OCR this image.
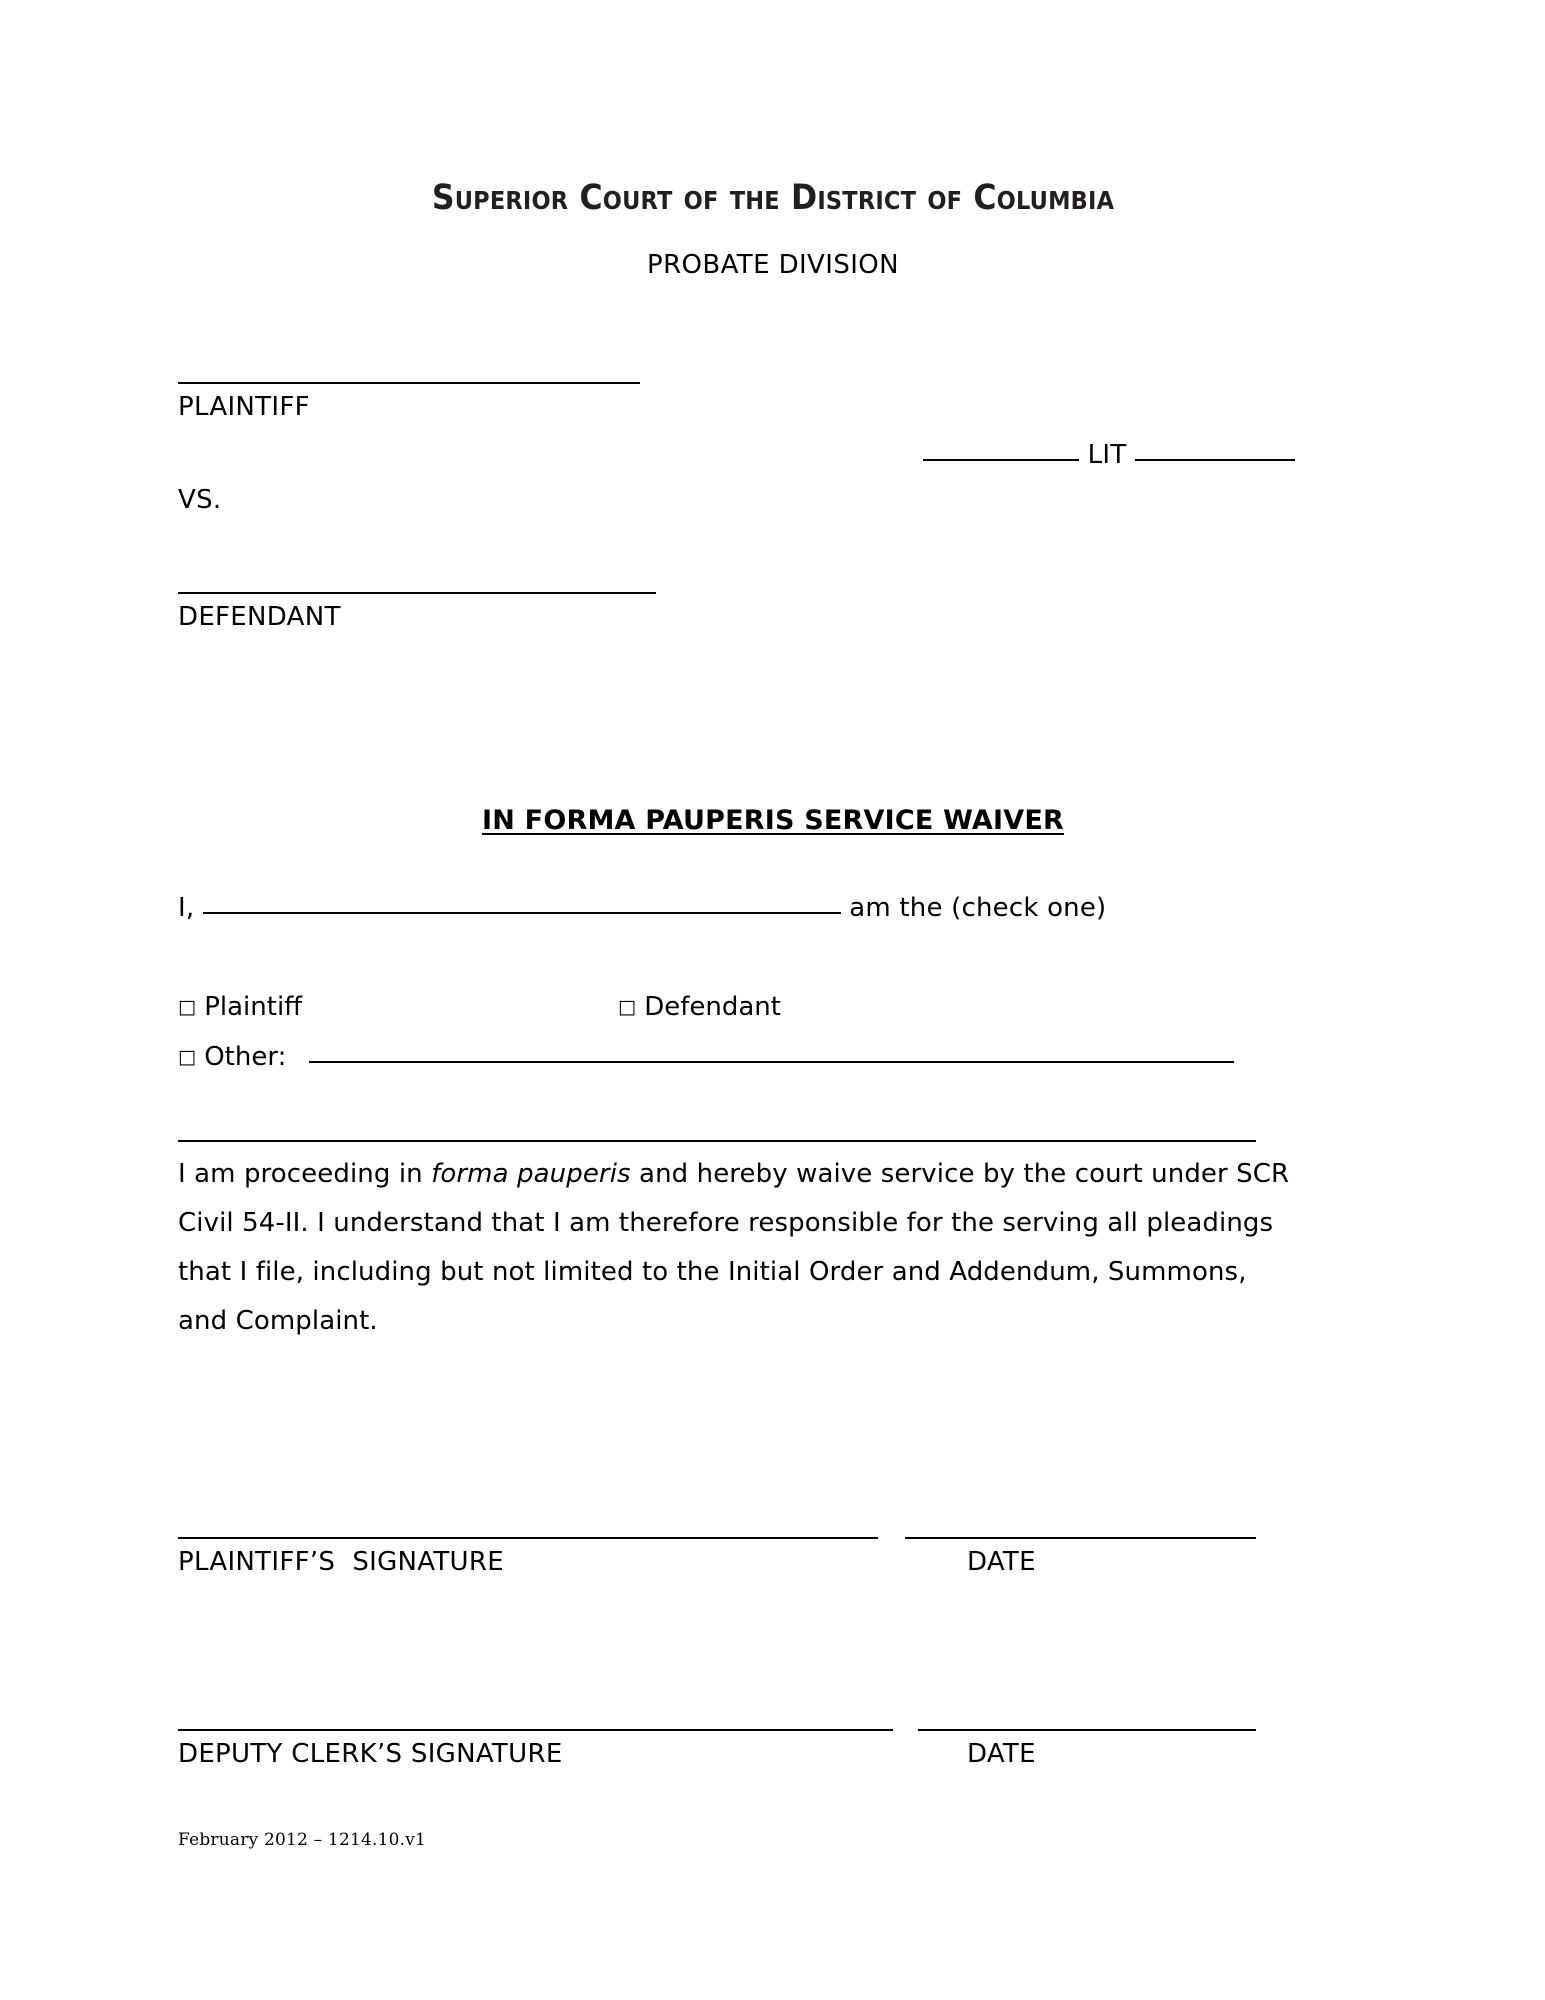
Superior Court of the District of Columbia
PROBATE DIVISION
PLAINTIFF
LIT
VS.
DEFENDANT
IN FORMA PAUPERIS SERVICE WAIVER
I,	am the (check one)
□ Plaintiff	□ Defendant
□ Other:
I am proceeding in forma pauperis and hereby waive service by the court under SCR Civil 54-II. I understand that I am therefore responsible for the serving all pleadings that I file, including but not limited to the Initial Order and Addendum, Summons, and Complaint.
PLAINTIFF’S  SIGNATURE	DATE
DEPUTY CLERK’S SIGNATURE	DATE
February 2012 – 1214.10.v1
